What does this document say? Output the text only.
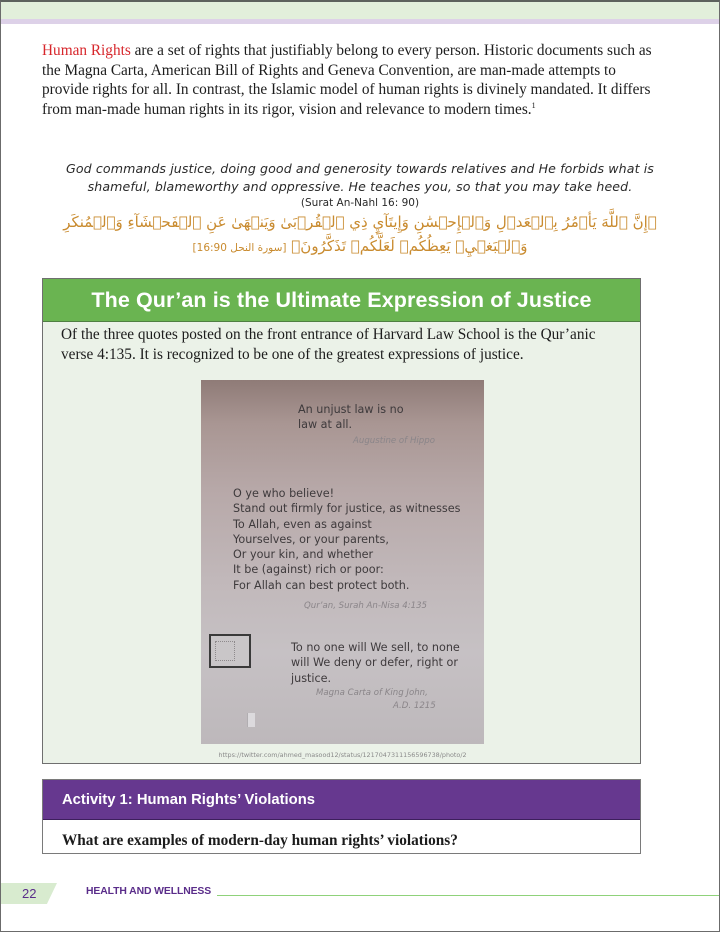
Human Rights are a set of rights that justifiably belong to every person. Historic documents such as the Magna Carta, American Bill of Rights and Geneva Convention, are man-made attempts to provide rights for all. In contrast, the Islamic model of human rights is divinely mandated. It differs from man-made human rights in its rigor, vision and relevance to modern times.$^1$

God commands justice, doing good and generosity towards relatives and He forbids what is shameful, blameworthy and oppressive. He teaches you, so that you may take heed.

(Surat An-Nahl 16: 90)

﴿إِنَّ ٱللَّهَ يَأۡمُرُ بِٱلۡعَدۡلِ وَٱلۡإِحۡسَٰنِ وَإِيتَآيِٕ ذِي ٱلۡقُرۡبَىٰ وَيَنۡهَىٰ عَنِ ٱلۡفَحۡشَآءِ وَٱلۡمُنكَرِ وَٱلۡبَغۡيِۚ يَعِظُكُمۡ لَعَلَّكُمۡ تَذَكَّرُونَ﴾ [سورة النحل 16:90]

The Qur’an is the Ultimate Expression of Justice

Of the three quotes posted on the front entrance of Harvard Law School is the Qur’anic verse 4:135. It is recognized to be one of the greatest expressions of justice.

An unjust law is no law at all.
Augustine of Hippo
O ye who believe!
Stand out firmly for justice, as witnesses
To Allah, even as against
Yourselves, or your parents,
Or your kin, and whether
It be (against) rich or poor:
For Allah can best protect both.
Qur’an, Surah An-Nisa 4:135
To no one will We sell, to none will We deny or defer, right or justice.
Magna Carta of King John,
A.D. 1215
https://twitter.com/ahmed_masood12/status/1217047311156596738/photo/2
Activity 1: Human Rights’ Violations

What are examples of modern-day human rights’ violations?

22	HEALTH AND WELLNESS
